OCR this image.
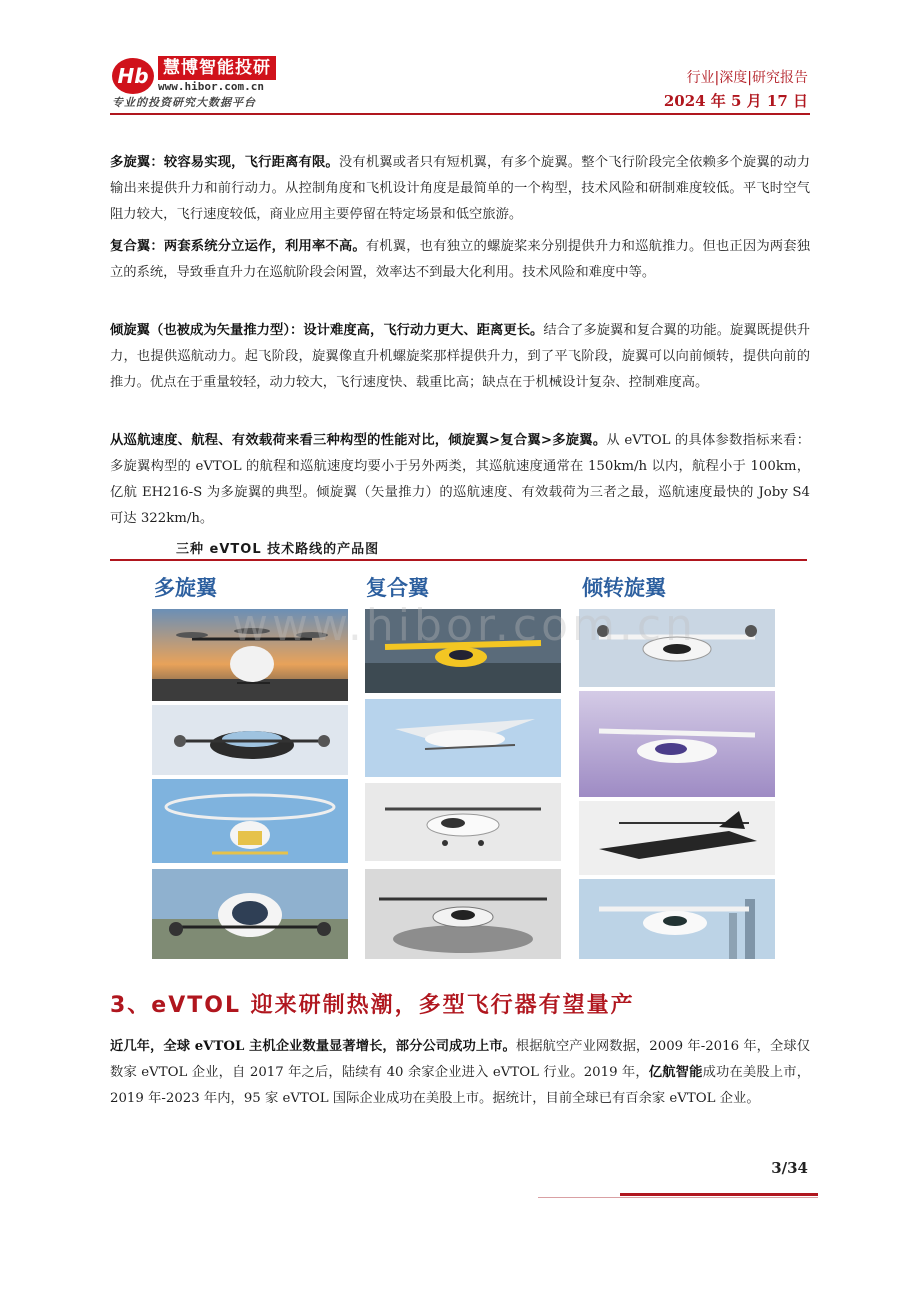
Hb 慧博智能投研
www.hibor.com.cn
专业的投资研究大数据平台
行业|深度|研究报告
2024 年 5 月 17 日

多旋翼：较容易实现，飞行距离有限。没有机翼或者只有短机翼，有多个旋翼。整个飞行阶段完全依赖多个旋翼的动力输出来提供升力和前行动力。从控制角度和飞机设计角度是最简单的一个构型，技术风险和研制难度较低。平飞时空气阻力较大，飞行速度较低，商业应用主要停留在特定场景和低空旅游。

复合翼：两套系统分立运作，利用率不高。有机翼，也有独立的螺旋桨来分别提供升力和巡航推力。但也正因为两套独立的系统，导致垂直升力在巡航阶段会闲置，效率达不到最大化利用。技术风险和难度中等。

倾旋翼（也被成为矢量推力型）：设计难度高，飞行动力更大、距离更长。结合了多旋翼和复合翼的功能。旋翼既提供升力，也提供巡航动力。起飞阶段，旋翼像直升机螺旋桨那样提供升力，到了平飞阶段，旋翼可以向前倾转，提供向前的推力。优点在于重量较轻，动力较大，飞行速度快、载重比高；缺点在于机械设计复杂、控制难度高。

从巡航速度、航程、有效载荷来看三种构型的性能对比，倾旋翼>复合翼>多旋翼。从 eVTOL 的具体参数指标来看：多旋翼构型的 eVTOL 的航程和巡航速度均要小于另外两类，其巡航速度通常在 150km/h 以内，航程小于 100km，亿航 EH216-S 为多旋翼的典型。倾旋翼（矢量推力）的巡航速度、有效载荷为三者之最，巡航速度最快的 Joby S4 可达 322km/h。

三种 eVTOL 技术路线的产品图
多旋翼	复合翼	倾转旋翼
www.hibor.com.cn
3、eVTOL 迎来研制热潮，多型飞行器有望量产

近几年，全球 eVTOL 主机企业数量显著增长，部分公司成功上市。根据航空产业网数据，2009 年-2016 年，全球仅数家 eVTOL 企业，自 2017 年之后，陆续有 40 余家企业进入 eVTOL 行业。2019 年，亿航智能成功在美股上市，2019 年-2023 年内，95 家 eVTOL 国际企业成功在美股上市。据统计，目前全球已有百余家 eVTOL 企业。

3/34
